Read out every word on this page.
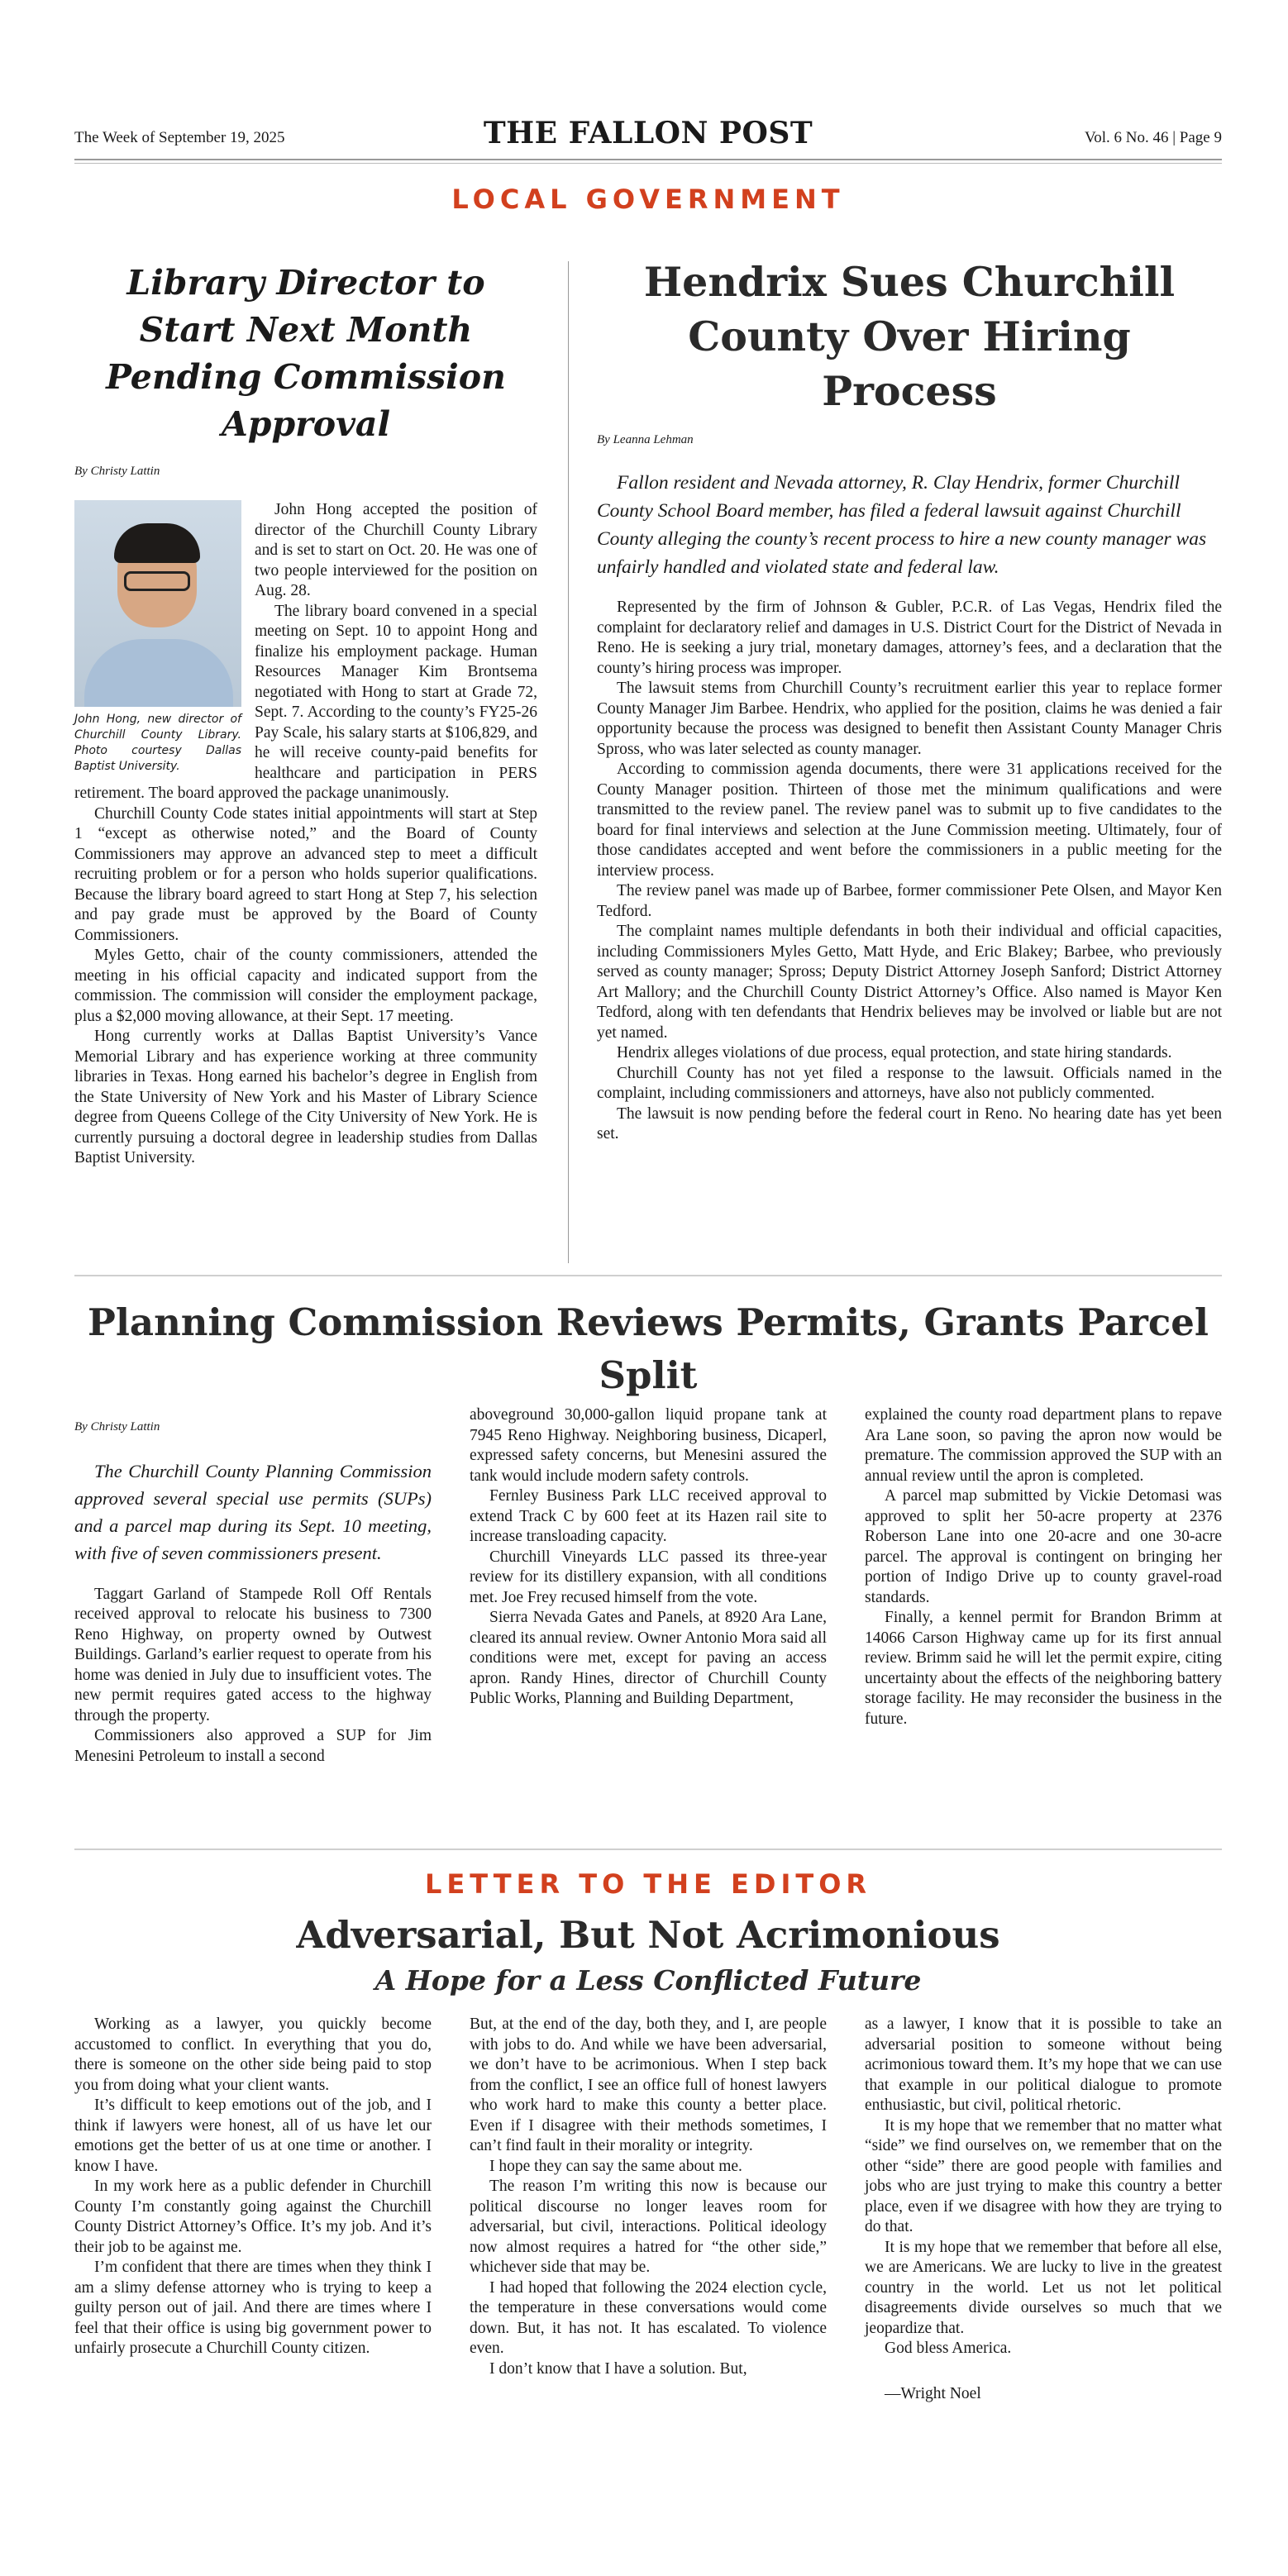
The Week of September 19, 2025	THE FALLON POST	Vol. 6 No. 46 | Page 9
LOCAL GOVERNMENT
Library Director to Start Next Month Pending Commission Approval
By Christy Lattin
John Hong, new director of Churchill County Library. Photo courtesy Dallas Baptist University.

John Hong accepted the position of director of the Churchill County Library and is set to start on Oct. 20. He was one of two people interviewed for the position on Aug. 28.

The library board convened in a special meeting on Sept. 10 to appoint Hong and finalize his employment package. Human Resources Manager Kim Brontsema negotiated with Hong to start at Grade 72, Sept. 7. According to the county’s FY25-26 Pay Scale, his salary starts at $106,829, and he will receive county-paid benefits for healthcare and participation in PERS retirement. The board approved the package unanimously.

Churchill County Code states initial appointments will start at Step 1 “except as otherwise noted,” and the Board of County Commissioners may approve an advanced step to meet a difficult recruiting problem or for a person who holds superior qualifications. Because the library board agreed to start Hong at Step 7, his selection and pay grade must be approved by the Board of County Commissioners.

Myles Getto, chair of the county commissioners, attended the meeting in his official capacity and indicated support from the commission. The commission will consider the employment package, plus a $2,000 moving allowance, at their Sept. 17 meeting.

Hong currently works at Dallas Baptist University’s Vance Memorial Library and has experience working at three community libraries in Texas. Hong earned his bachelor’s degree in English from the State University of New York and his Master of Library Science degree from Queens College of the City University of New York. He is currently pursuing a doctoral degree in leadership studies from Dallas Baptist University.

Hendrix Sues Churchill County Over Hiring Process
By Leanna Lehman
Fallon resident and Nevada attorney, R. Clay Hendrix, former Churchill County School Board member, has filed a federal lawsuit against Churchill County alleging the county’s recent process to hire a new county manager was unfairly handled and violated state and federal law.

Represented by the firm of Johnson & Gubler, P.C.R. of Las Vegas, Hendrix filed the complaint for declaratory relief and damages in U.S. District Court for the District of Nevada in Reno. He is seeking a jury trial, monetary damages, attorney’s fees, and a declaration that the county’s hiring process was improper.

The lawsuit stems from Churchill County’s recruitment earlier this year to replace former County Manager Jim Barbee. Hendrix, who applied for the position, claims he was denied a fair opportunity because the process was designed to benefit then Assistant County Manager Chris Spross, who was later selected as county manager.

According to commission agenda documents, there were 31 applications received for the County Manager position. Thirteen of those met the minimum qualifications and were transmitted to the review panel. The review panel was to submit up to five candidates to the board for final interviews and selection at the June Commission meeting. Ultimately, four of those candidates accepted and went before the commissioners in a public meeting for the interview process.

The review panel was made up of Barbee, former commissioner Pete Olsen, and Mayor Ken Tedford.

The complaint names multiple defendants in both their individual and official capacities, including Commissioners Myles Getto, Matt Hyde, and Eric Blakey; Barbee, who previously served as county manager; Spross; Deputy District Attorney Joseph Sanford; District Attorney Art Mallory; and the Churchill County District Attorney’s Office. Also named is Mayor Ken Tedford, along with ten defendants that Hendrix believes may be involved or liable but are not yet named.

Hendrix alleges violations of due process, equal protection, and state hiring standards.

Churchill County has not yet filed a response to the lawsuit. Officials named in the complaint, including commissioners and attorneys, have also not publicly commented.

The lawsuit is now pending before the federal court in Reno. No hearing date has yet been set.

Planning Commission Reviews Permits, Grants Parcel Split
By Christy Lattin
The Churchill County Planning Commission approved several special use permits (SUPs) and a parcel map during its Sept. 10 meeting, with five of seven commissioners present.

Taggart Garland of Stampede Roll Off Rentals received approval to relocate his business to 7300 Reno Highway, on property owned by Outwest Buildings. Garland’s earlier request to operate from his home was denied in July due to insufficient votes. The new permit requires gated access to the highway through the property.

Commissioners also approved a SUP for Jim Menesini Petroleum to install a second

aboveground 30,000-gallon liquid propane tank at 7945 Reno Highway. Neighboring business, Dicaperl, expressed safety concerns, but Menesini assured the tank would include modern safety controls.

Fernley Business Park LLC received approval to extend Track C by 600 feet at its Hazen rail site to increase transloading capacity.

Churchill Vineyards LLC passed its three-year review for its distillery expansion, with all conditions met. Joe Frey recused himself from the vote.

Sierra Nevada Gates and Panels, at 8920 Ara Lane, cleared its annual review. Owner Antonio Mora said all conditions were met, except for paving an access apron. Randy Hines, director of Churchill County Public Works, Planning and Building Department,

explained the county road department plans to repave Ara Lane soon, so paving the apron now would be premature. The commission approved the SUP with an annual review until the apron is completed.

A parcel map submitted by Vickie Detomasi was approved to split her 50-acre property at 2376 Roberson Lane into one 20-acre and one 30-acre parcel. The approval is contingent on bringing her portion of Indigo Drive up to county gravel-road standards.

Finally, a kennel permit for Brandon Brimm at 14066 Carson Highway came up for its first annual review. Brimm said he will let the permit expire, citing uncertainty about the effects of the neighboring battery storage facility. He may reconsider the business in the future.

LETTER TO THE EDITOR
Adversarial, But Not Acrimonious
A Hope for a Less Conflicted Future

Working as a lawyer, you quickly become accustomed to conflict. In everything that you do, there is someone on the other side being paid to stop you from doing what your client wants.

It’s difficult to keep emotions out of the job, and I think if lawyers were honest, all of us have let our emotions get the better of us at one time or another. I know I have.

In my work here as a public defender in Churchill County I’m constantly going against the Churchill County District Attorney’s Office. It’s my job. And it’s their job to be against me.

I’m confident that there are times when they think I am a slimy defense attorney who is trying to keep a guilty person out of jail. And there are times where I feel that their office is using big government power to unfairly prosecute a Churchill County citizen.

But, at the end of the day, both they, and I, are people with jobs to do. And while we have been adversarial, we don’t have to be acrimonious. When I step back from the conflict, I see an office full of honest lawyers who work hard to make this county a better place. Even if I disagree with their methods sometimes, I can’t find fault in their morality or integrity.

I hope they can say the same about me.

The reason I’m writing this now is because our political discourse no longer leaves room for adversarial, but civil, interactions. Political ideology now almost requires a hatred for “the other side,” whichever side that may be.

I had hoped that following the 2024 election cycle, the temperature in these conversations would come down. But, it has not. It has escalated. To violence even.

I don’t know that I have a solution. But,

as a lawyer, I know that it is possible to take an adversarial position to someone without being acrimonious toward them. It’s my hope that we can use that example in our political dialogue to promote enthusiastic, but civil, political rhetoric.

It is my hope that we remember that no matter what “side” we find ourselves on, we remember that on the other “side” there are good people with families and jobs who are just trying to make this country a better place, even if we disagree with how they are trying to do that.

It is my hope that we remember that before all else, we are Americans. We are lucky to live in the greatest country in the world. Let us not let political disagreements divide ourselves so much that we jeopardize that.

God bless America.

—Wright Noel
